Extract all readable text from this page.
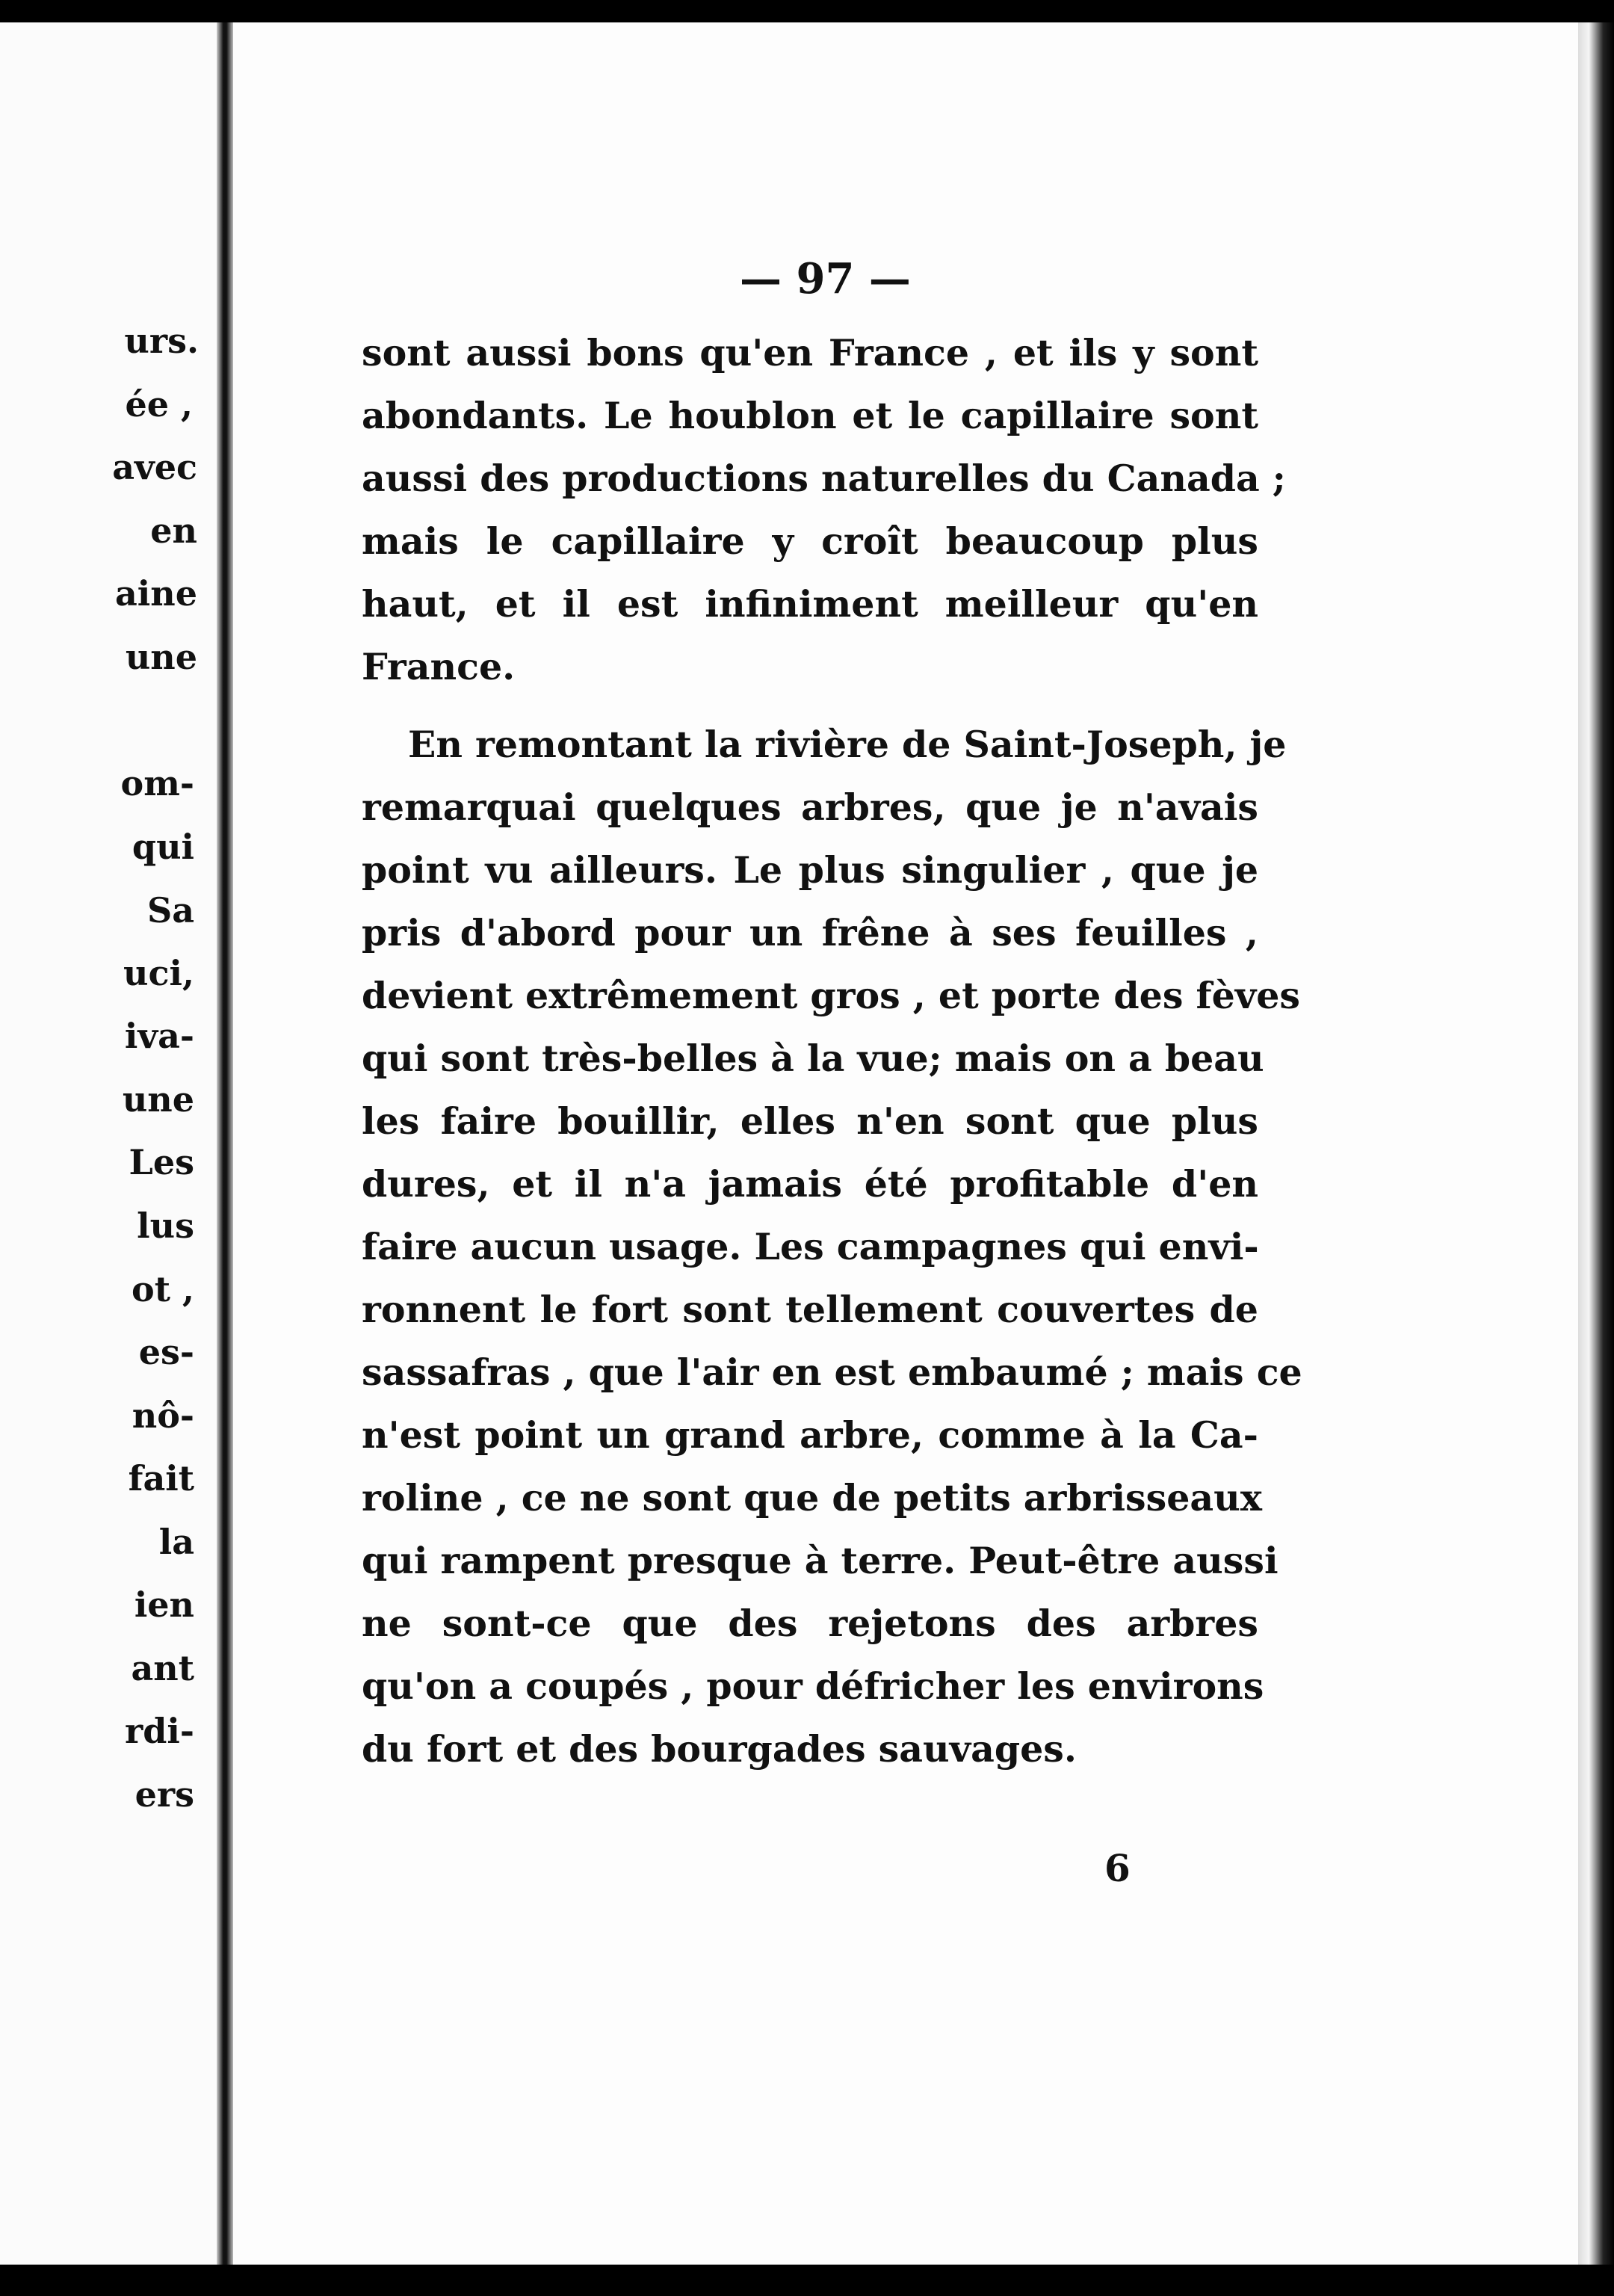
urs.
ée ,
avec
en
aine
une
om-
qui
Sa
uci,
iva-
une
Les
lus
ot ,
es-
nô-
fait
la
ien
ant
rdi-
ers
— 97 —
sont aussi bons qu'en France , et ils y sont
abondants. Le houblon et le capillaire sont
aussi des productions naturelles du Canada ;
mais le capillaire y croît beaucoup plus
haut, et il est infiniment meilleur qu'en
France.
En remontant la rivière de Saint-Joseph, je
remarquai quelques arbres, que je n'avais
point vu ailleurs. Le plus singulier , que je
pris d'abord pour un frêne à ses feuilles ,
devient extrêmement gros , et porte des fèves
qui sont très-belles à la vue; mais on a beau
les faire bouillir, elles n'en sont que plus
dures, et il n'a jamais été profitable d'en
faire aucun usage. Les campagnes qui envi-
ronnent le fort sont tellement couvertes de
sassafras , que l'air en est embaumé ; mais ce
n'est point un grand arbre, comme à la Ca-
roline , ce ne sont que de petits arbrisseaux
qui rampent presque à terre. Peut-être aussi
ne sont-ce que des rejetons des arbres
qu'on a coupés , pour défricher les environs
du fort et des bourgades sauvages.
6
